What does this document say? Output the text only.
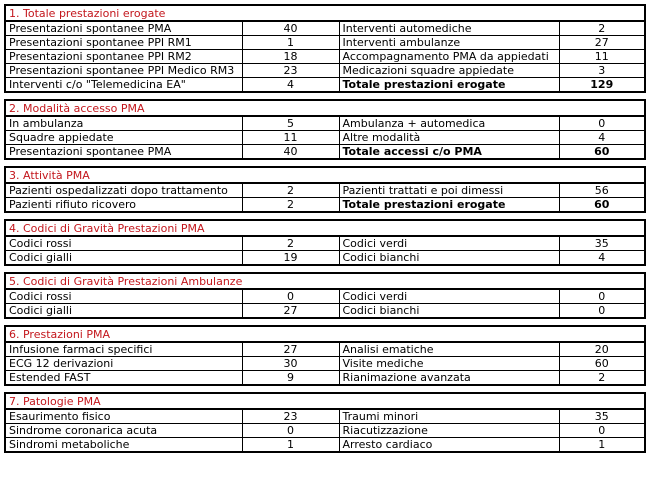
1. Totale prestazioni erogate			
Presentazioni spontanee PMA	40	Interventi automediche	2
Presentazioni spontanee PPI RM1	1	Interventi ambulanze	27
Presentazioni spontanee PPI RM2	18	Accompagnamento PMA da appiedati	11
Presentazioni spontanee PPI Medico RM3	23	Medicazioni squadre appiedate	3
Interventi c/o "Telemedicina EA"	4	Totale prestazioni erogate	129
2. Modalità accesso PMA			
In ambulanza	5	Ambulanza + automedica	0
Squadre appiedate	11	Altre modalità	4
Presentazioni spontanee PMA	40	Totale accessi c/o PMA	60
3. Attività PMA			
Pazienti ospedalizzati dopo trattamento	2	Pazienti trattati e poi dimessi	56
Pazienti rifiuto ricovero	2	Totale prestazioni erogate	60
4. Codici di Gravità Prestazioni PMA			
Codici rossi	2	Codici verdi	35
Codici gialli	19	Codici bianchi	4
5. Codici di Gravità Prestazioni Ambulanze			
Codici rossi	0	Codici verdi	0
Codici gialli	27	Codici bianchi	0
6. Prestazioni PMA			
Infusione farmaci specifici	27	Analisi ematiche	20
ECG 12 derivazioni	30	Visite mediche	60
Estended FAST	9	Rianimazione avanzata	2
7. Patologie PMA			
Esaurimento fisico	23	Traumi minori	35
Sindrome coronarica acuta	0	Riacutizzazione	0
Sindromi metaboliche	1	Arresto cardiaco	1
